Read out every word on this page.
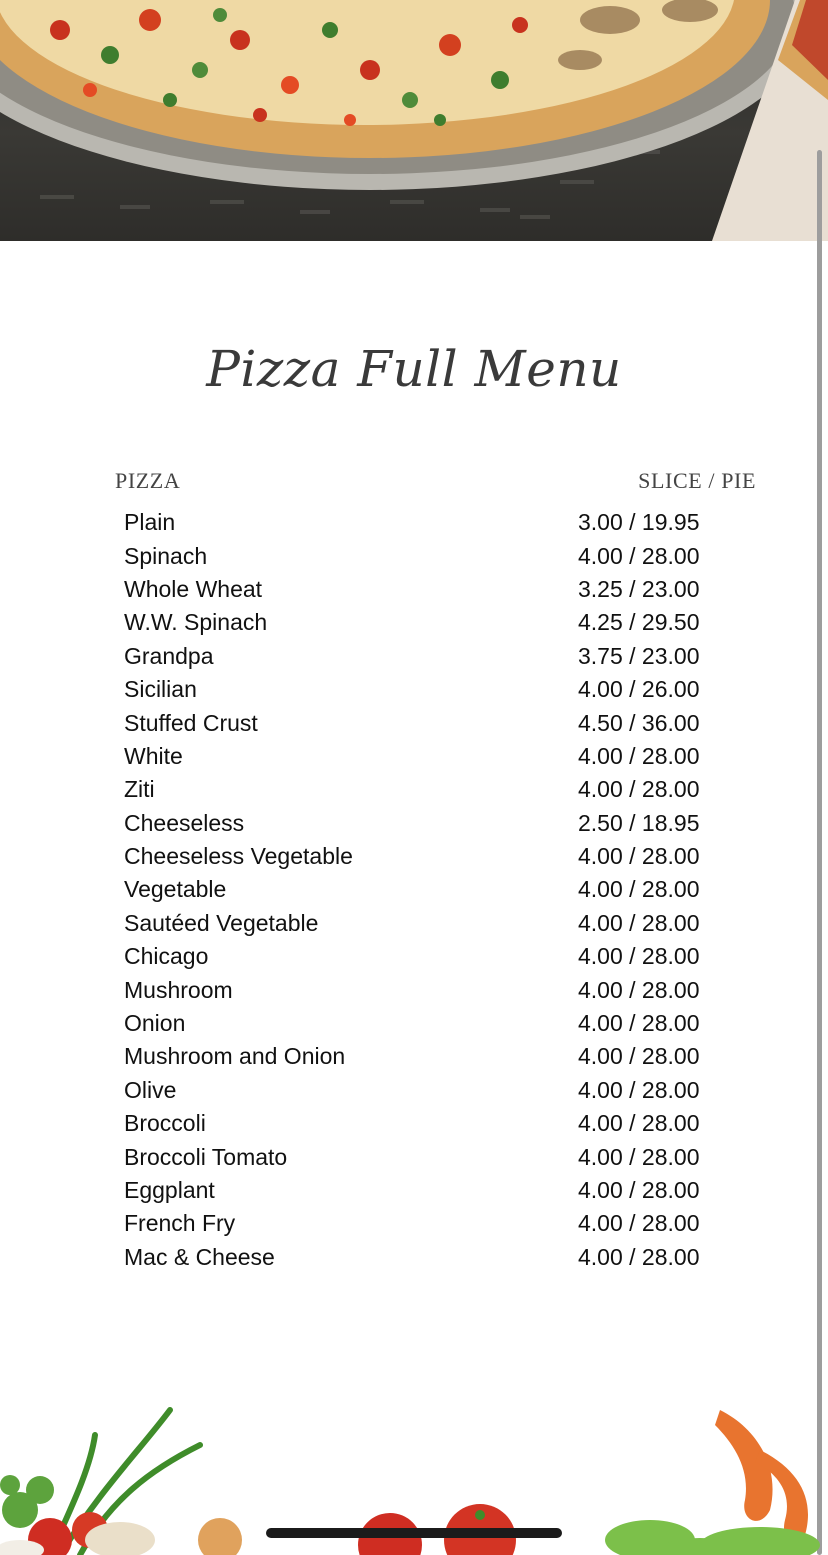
Pizza Full Menu
PIZZA	SLICE / PIE
Plain	3.00 / 19.95
Spinach	4.00 / 28.00
Whole Wheat	3.25 / 23.00
W.W. Spinach	4.25 / 29.50
Grandpa	3.75 / 23.00
Sicilian	4.00 / 26.00
Stuffed Crust	4.50 / 36.00
White	4.00 / 28.00
Ziti	4.00 / 28.00
Cheeseless	2.50 / 18.95
Cheeseless Vegetable	4.00 / 28.00
Vegetable	4.00 / 28.00
Sautéed Vegetable	4.00 / 28.00
Chicago	4.00 / 28.00
Mushroom	4.00 / 28.00
Onion	4.00 / 28.00
Mushroom and Onion	4.00 / 28.00
Olive	4.00 / 28.00
Broccoli	4.00 / 28.00
Broccoli Tomato	4.00 / 28.00
Eggplant	4.00 / 28.00
French Fry	4.00 / 28.00
Mac & Cheese	4.00 / 28.00
